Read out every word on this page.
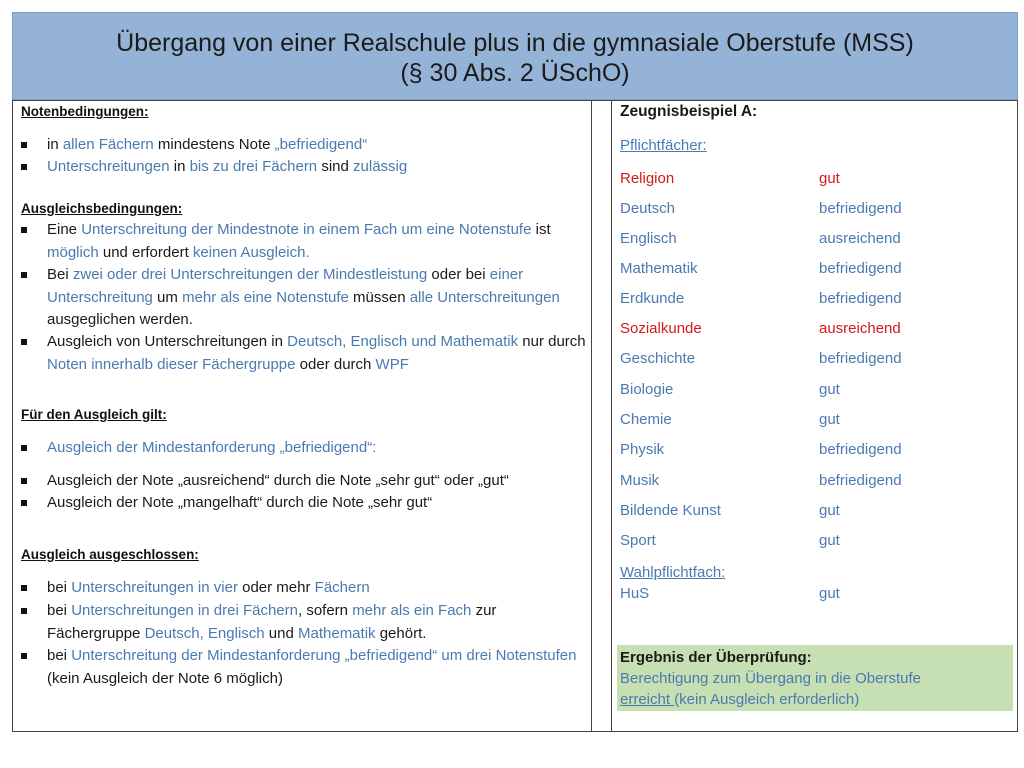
Übergang von einer Realschule plus in die gymnasiale Oberstufe (MSS)
(§ 30 Abs. 2 ÜSchO)
Notenbedingungen:
in allen Fächern mindestens Note „befriedigend“
Unterschreitungen in bis zu drei Fächern sind zulässig
Ausgleichsbedingungen:
Eine Unterschreitung der Mindestnote in einem Fach um eine Notenstufe ist möglich und erfordert keinen Ausgleich.
Bei zwei oder drei Unterschreitungen der Mindestleistung oder bei einer Unterschreitung um mehr als eine Notenstufe müssen alle Unterschreitungen ausgeglichen werden.
Ausgleich von Unterschreitungen in Deutsch, Englisch und Mathematik nur durch Noten innerhalb dieser Fächergruppe oder durch WPF
Für den Ausgleich gilt:
Ausgleich der Mindestanforderung „befriedigend“:
Ausgleich der Note „ausreichend“ durch die Note „sehr gut“ oder „gut“
Ausgleich der Note „mangelhaft“ durch die Note „sehr gut“
Ausgleich ausgeschlossen:
bei Unterschreitungen in vier oder mehr Fächern
bei Unterschreitungen in drei Fächern, sofern mehr als ein Fach zur Fächergruppe Deutsch, Englisch und Mathematik gehört.
bei Unterschreitung der Mindestanforderung „befriedigend“ um drei Notenstufen (kein Ausgleich der Note 6 möglich)
Zeugnisbeispiel A:
Pflichtfächer:
Religion	gut
Deutsch	befriedigend
Englisch	ausreichend
Mathematik	befriedigend
Erdkunde	befriedigend
Sozialkunde	ausreichend
Geschichte	befriedigend
Biologie	gut
Chemie	gut
Physik	befriedigend
Musik	befriedigend
Bildende Kunst	gut
Sport	gut
Wahlpflichtfach:
HuS	gut
Ergebnis der Überprüfung:
Berechtigung zum Übergang in die Oberstufe
erreicht (kein Ausgleich erforderlich)
